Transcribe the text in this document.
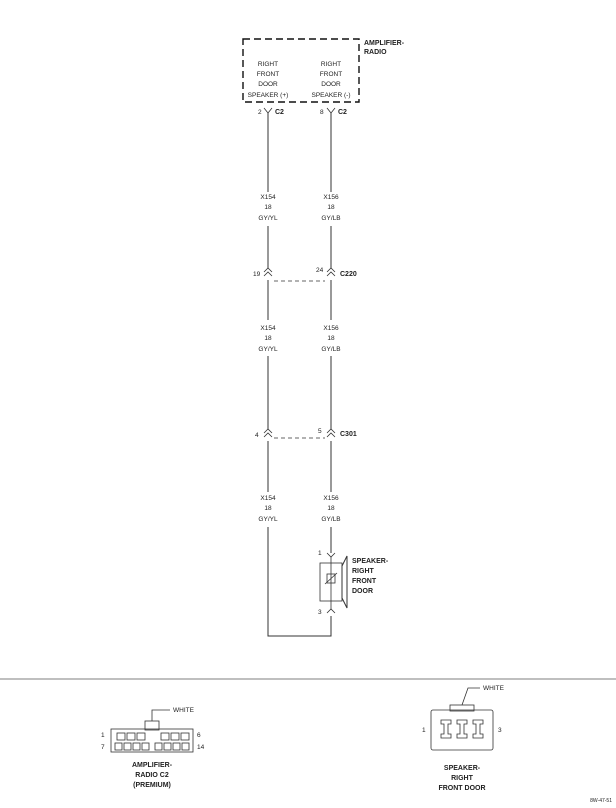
AMPLIFIER-
RADIO
RIGHT
FRONT
DOOR
SPEAKER (+)
RIGHT
FRONT
DOOR
SPEAKER (-)
2	8
C2	C2
X154
18
GY/YL
X156
18
GY/LB
19
24
C220
X154
18
GY/YL
X156
18
GY/LB
4
5	C301
X154
18
GY/YL
X156
18
GY/LB
1
3
SPEAKER-
RIGHT
FRONT
DOOR
WHITE
1	6
7	14
AMPLIFIER-
RADIO C2
(PREMIUM)
WHITE
1	3
SPEAKER-
RIGHT
FRONT DOOR
8W-47-51
